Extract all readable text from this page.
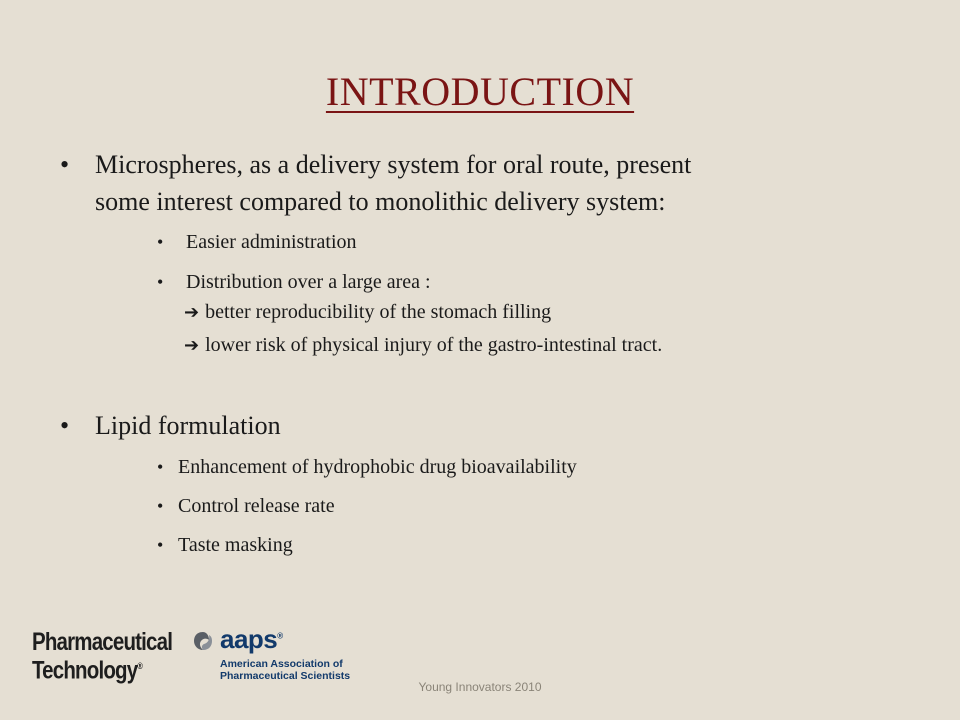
INTRODUCTION
• Microspheres, as a delivery system for oral route, present
some interest compared to monolithic delivery system:
• Easier administration
• Distribution over a large area :
➔ better reproducibility of the stomach filling
➔ lower risk of physical injury of the gastro-intestinal tract.
• Lipid formulation
• Enhancement of hydrophobic drug bioavailability
• Control release rate
• Taste masking
Pharmaceutical
Technology®
aaps®
American Association of
Pharmaceutical Scientists
Young Innovators 2010
